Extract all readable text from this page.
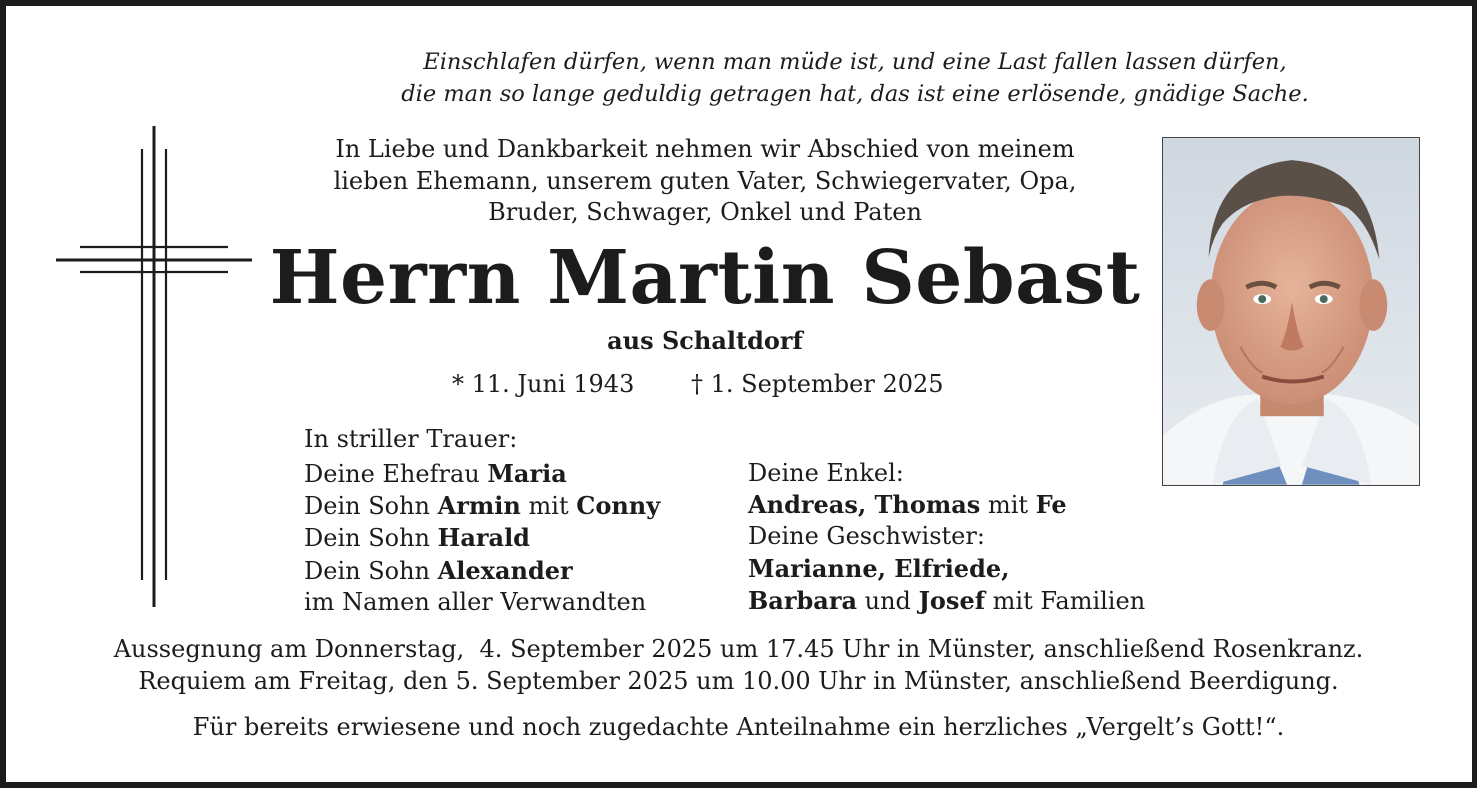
Einschlafen dürfen, wenn man müde ist, und eine Last fallen lassen dürfen,
die man so lange geduldig getragen hat, das ist eine erlösende, gnädige Sache.
In Liebe und Dankbarkeit nehmen wir Abschied von meinem
lieben Ehemann, unserem guten Vater, Schwiegervater, Opa,
Bruder, Schwager, Onkel und Paten
Herrn Martin Sebast
aus Schaltdorf
* 11. Juni 1943 † 1. September 2025
In striller Trauer:
Deine Ehefrau Maria
Dein Sohn Armin mit Conny
Dein Sohn Harald
Dein Sohn Alexander
im Namen aller Verwandten
Deine Enkel:
Andreas, Thomas mit Fe
Deine Geschwister:
Marianne, Elfriede,
Barbara und Josef mit Familien
Aussegnung am Donnerstag,  4. September 2025 um 17.45 Uhr in Münster, anschließend Rosenkranz.
Requiem am Freitag, den 5. September 2025 um 10.00 Uhr in Münster, anschließend Beerdigung.
Für bereits erwiesene und noch zugedachte Anteilnahme ein herzliches „Vergelt’s Gott!“.
